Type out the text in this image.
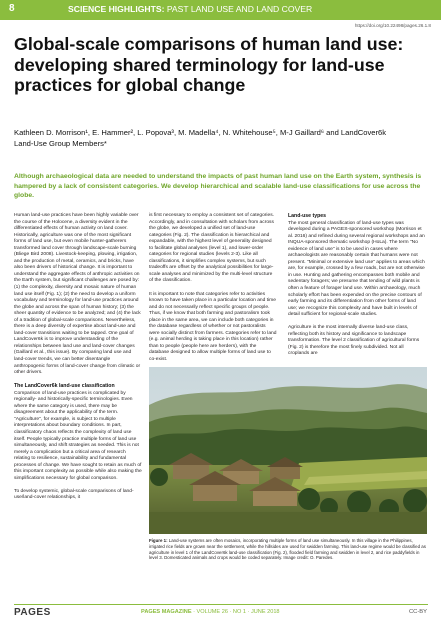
8	SCIENCE HIGHLIGHTS: PAST LAND USE AND LAND COVER
https://doi.org/10.22498/pages.26.1.8
Global-scale comparisons of human land use: developing shared terminology for land-use practices for global change
Kathleen D. Morrison¹, E. Hammer², L. Popova³, M. Madella⁴, N. Whitehouse⁵, M-J Gaillard⁶ and LandCover6k
Land-Use Group Members*

Although archaeological data are needed to understand the impacts of past human land use on the Earth system, synthesis is hampered by a lack of consistent categories. We develop hierarchical and scalable land-use classifications for use across the globe.

Human land-use practices have been highly variable over the course of the Holocene, a diversity evident in the differentiated effects of human activity on land cover. Historically, agriculture was one of the most significant forms of land use, but even mobile hunter-gatherers transformed land cover through landscape-scale burning (Bliege Bird 2008). Livestock-keeping, plowing, irrigation, and the production of metal, ceramics, and bricks, have also been drivers of historical change. It is important to understand the aggregate effects of anthropic activities on the Earth system, but significant challenges are posed by: (1) the complexity, diversity and mosaic nature of human land use itself (Fig. 1); (2) the need to develop a uniform vocabulary and terminology for land-use practices around the globe and across the span of human history; (3) the sheer quantity of evidence to be analyzed; and (4) the lack of a tradition of global-scale comparisons. Nevertheless, there is a deep diversity of expertise about land-use and land-cover transitions waiting to be tapped. One goal of LandCover6k is to improve understanding of the relationships between land use and land-cover changes (Gaillard et al., this issue). By comparing land use and land-cover trends, we can better disentangle anthropogenic forms of land-cover change from climatic or other drivers.

The LandCover6k land-use classification

Comparison of land-use practices is complicated by regionally- and historically-specific terminologies. Even where the same category is used, there may be disagreement about the applicability of the term. "Agriculture", for example, is subject to multiple interpretations about boundary conditions. In part, classificatory chaos reflects the complexity of land use itself. People typically practice multiple forms of land use simultaneously, and shift strategies as needed. This is not merely a complication but a critical area of research relating to resilience, sustainability and fundamental processes of change. We have sought to retain as much of this important complexity as possible while also making the simplifications necessary for global comparison.

To develop systemic, global-scale comparisons of land-use/land-cover relationships, it

is first necessary to employ a consistent set of categories. Accordingly, and in consultation with scholars from across the globe, we developed a unified set of land-use categories (Fig. 2). The classification is hierarchical and expandable, with the highest level of generality designed to facilitate global analyses (level 1), and lower-order categories for regional studies (levels 2-3). Like all classifications, it simplifies complex systems, but such tradeoffs are offset by the analytical possibilities for large-scale analyses and minimized by the multi-level structure of the classification.

It is important to note that categories refer to activities known to have taken place in a particular location and time and do not necessarily reflect specific groups of people. Thus, if we know that both farming and pastoralism took place in the same area, we can include both categories in the database regardless of whether or not pastoralists were socially distinct from farmers. Categories refer to land (e.g. animal herding is taking place in this location) rather than to people (people here are herders), with the database designed to allow multiple forms of land use to co-exist.

Land-use types

The most general classification of land-use types was developed during a PAGES-sponsored workshop (Morrison et al. 2016) and refined during several regional workshops and an INQUA-sponsored thematic workshop (HoLa). The term "No evidence of land use" is to be used in cases where archaeologists are reasonably certain that humans were not present. "Minimal or extensive land use" applies to areas which are, for example, crossed by a few roads, but are not otherwise in use. Hunting and gathering encompasses both mobile and sedentary foragers; we presume that tending of wild plants is often a feature of forager land use. Within archaeology, much scholarly effort has been expended on the precise contours of early farming and its differentiation from other forms of land use; we recognize this complexity and have built in levels of detail sufficient for regional-scale studies.

Agriculture is the most internally diverse land-use class, reflecting both its history and significance to landscape transformation. The level 2 classification of agricultural forms (Fig. 2) is therefore the most finely subdivided. Not all croplands are

Figure 1: Land-use systems are often mosaics, incorporating multiple forms of land use simultaneously. In this village in the Philippines, irrigated rice fields are grown near the settlement, while the hillsides are used for swidden farming. This land-use regime would be classified as agriculture in level 1 of the LandCover6k land-use classification (Fig. 2), flooded field farming and swidden in level 2, and rice paddyfields in level 3. Domesticated animals and crops would be coded separately. Image credit: O. Paredes.

PAGES	PAGES MAGAZINE · VOLUME 26 · NO 1 · JUNE 2018	CC-BY
